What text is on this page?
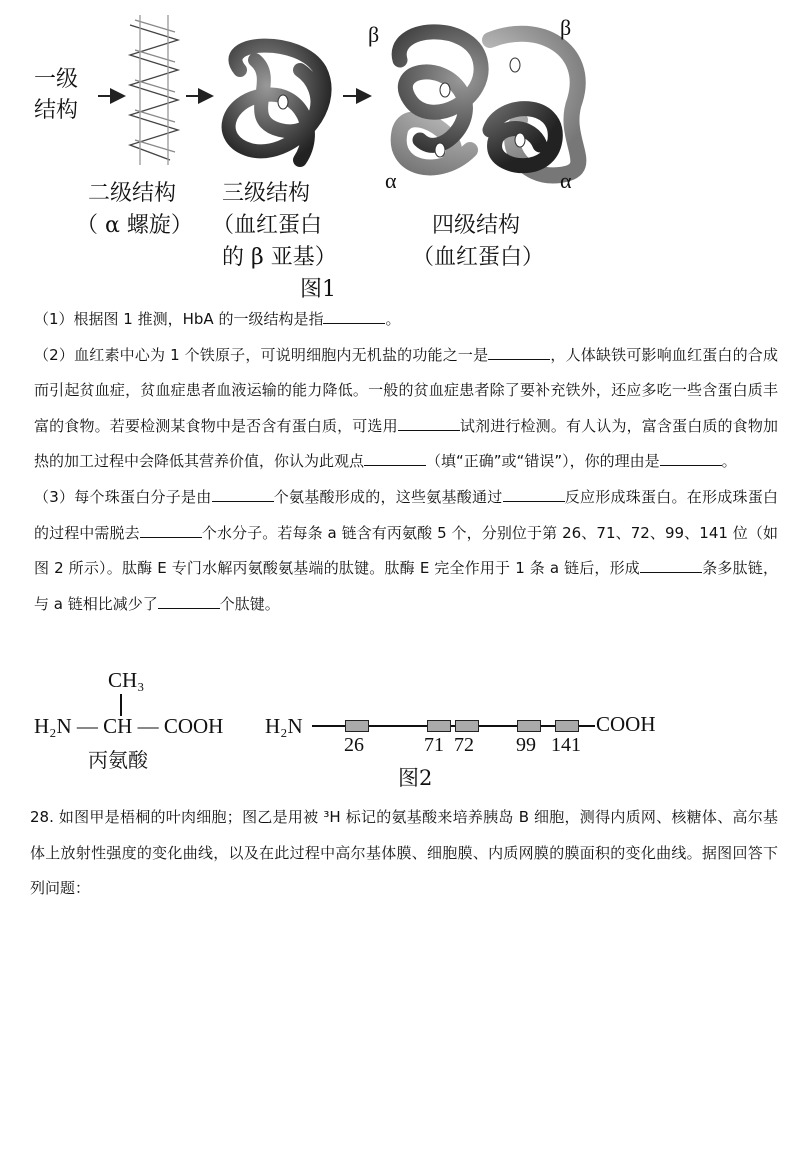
一级
结构
β	β
α	α
二级结构
（ α 螺旋）
三级结构
（血红蛋白
的 β 亚基）
四级结构
（血红蛋白）
图1

（1）根据图 1 推测，HbA 的一级结构是指	。

（2）血红素中心为 1 个铁原子，可说明细胞内无机盐的功能之一是	，人体缺铁可影响血红蛋白的合成而引起贫血症，贫血症患者血液运输的能力降低。一般的贫血症患者除了要补充铁外，还应多吃一些含蛋白质丰富的食物。若要检测某食物中是否含有蛋白质，可选用	试剂进行检测。有人认为，富含蛋白质的食物加热的加工过程中会降低其营养价值，你认为此观点	（填“正确”或“错误”），你的理由是	。

（3）每个珠蛋白分子是由	个氨基酸形成的，这些氨基酸通过	反应形成珠蛋白。在形成珠蛋白的过程中需脱去	个水分子。若每条 a 链含有丙氨酸 5 个，分别位于第 26、71、72、99、141 位（如图 2 所示）。肽酶 E 专门水解丙氨酸氨基端的肽键。肽酶 E 完全作用于 1 条 a 链后，形成	条多肽链，与 a 链相比减少了	个肽键。

CH₃
H₂N — CH — COOH
丙氨酸
H₂N	COOH
26	71 72 99 141
图2

28. 如图甲是梧桐的叶肉细胞；图乙是用被 ³H 标记的氨基酸来培养胰岛 B 细胞，测得内质网、核糖体、高尔基体上放射性强度的变化曲线，以及在此过程中高尔基体膜、细胞膜、内质网膜的膜面积的变化曲线。据图回答下列问题：
